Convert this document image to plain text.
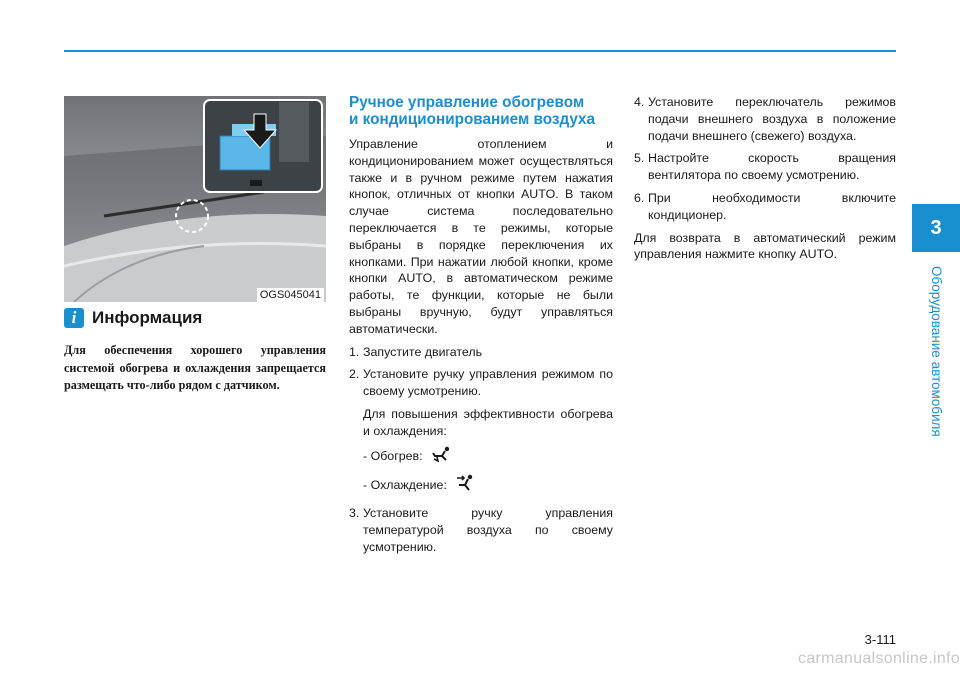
OGS045041
i Информация
Для обеспечения хорошего управления системой обогрева и охлаждения запрещается размещать что-либо рядом с датчиком.
Ручное управление обогревом
и кондиционированием воздуха
Управление отоплением и кондиционированием может осуществляться также и в ручном режиме путем нажатия кнопок, отличных от кнопки AUTO. В таком случае система последовательно переключается в те режимы, которые выбраны в порядке переключения их кнопками. При нажатии любой кнопки, кроме кнопки AUTO, в автоматическом режиме работы, те функции, которые не были выбраны вручную, будут управляться автоматически.
1. Запустите двигатель
2. Установите ручку управления режимом по своему усмотрению.
Для повышения эффективности обогрева и охлаждения:
- Обогрев:
- Охлаждение:
3. Установите ручку управления температурой воздуха по своему усмотрению.
4. Установите переключатель режимов подачи внешнего воздуха в положение подачи внешнего (свежего) воздуха.
5. Настройте скорость вращения вентилятора по своему усмотрению.
6. При необходимости включите кондиционер.
Для возврата в автоматический режим управления нажмите кнопку AUTO.
3
Оборудование автомобиля
3-111
carmanualsonline.info
